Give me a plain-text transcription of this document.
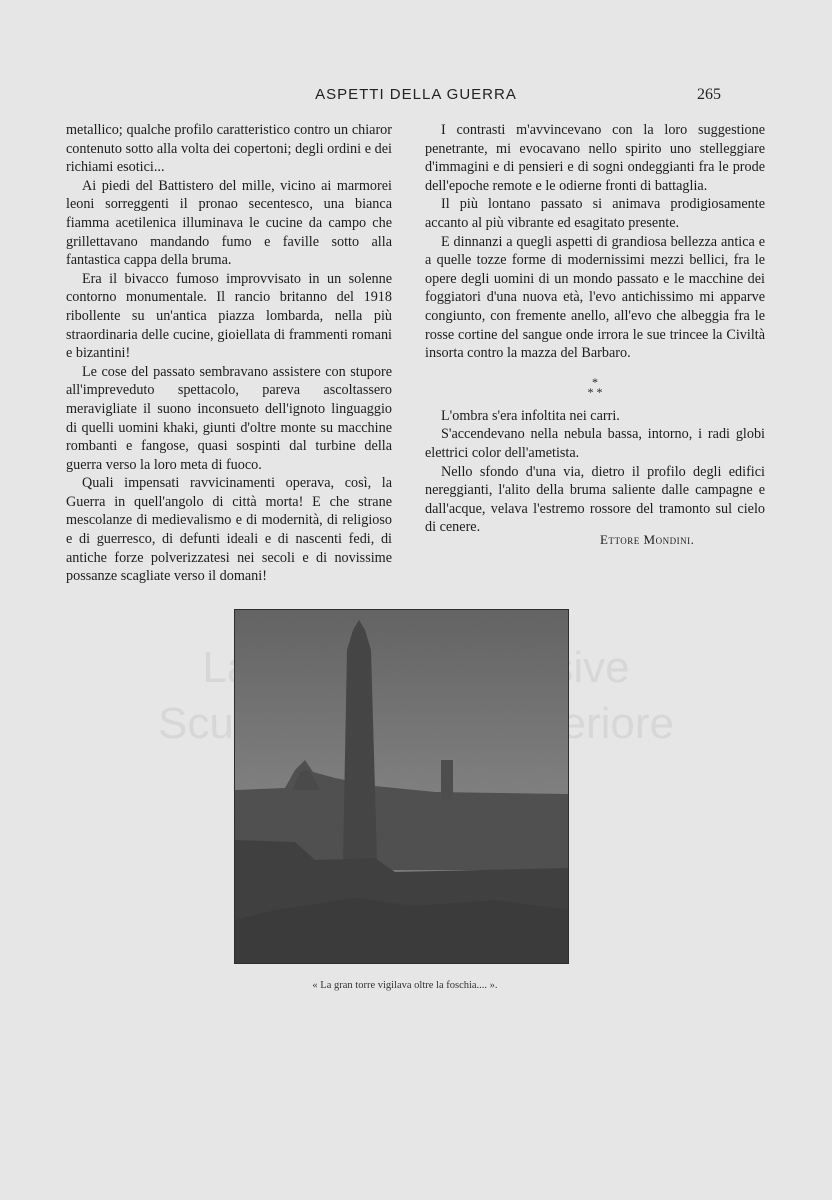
Visive
Scuola Superiore
ASPETTI DELLA GUERRA	265

metallico; qualche profilo caratteristico contro un chiaror contenuto sotto alla volta dei copertoni; degli ordini e dei richiami esotici...

Ai piedi del Battistero del mille, vicino ai marmorei leoni sorreggenti il pronao secentesco, una bianca fiamma acetilenica illuminava le cucine da campo che grillettavano mandando fumo e faville sotto alla fantastica cappa della bruma.

Era il bivacco fumoso improvvisato in un solenne contorno monumentale. Il rancio britanno del 1918 ribollente su un'antica piazza lombarda, nella più straordinaria delle cucine, gioiellata di frammenti romani e bizantini!

Le cose del passato sembravano assistere con stupore all'impreveduto spettacolo, pareva ascoltassero meravigliate il suono inconsueto dell'ignoto linguaggio di quelli uomini khaki, giunti d'oltre monte su macchine rombanti e fangose, quasi sospinti dal turbine della guerra verso la loro meta di fuoco.

Quali impensati ravvicinamenti operava, così, la Guerra in quell'angolo di città morta! E che strane mescolanze di medievalismo e di modernità, di religioso e di guerresco, di defunti ideali e di nascenti fedi, di antiche forze polverizzatesi nei secoli e di novissime possanze scagliate verso il domani!

I contrasti m'avvincevano con la loro suggestione penetrante, mi evocavano nello spirito uno stelleggiare d'immagini e di pensieri e di sogni ondeggianti fra le prode dell'epoche remote e le odierne fronti di battaglia.

Il più lontano passato si animava prodigiosamente accanto al più vibrante ed esagitato presente.

E dinnanzi a quegli aspetti di grandiosa bellezza antica e a quelle tozze forme di modernissimi mezzi bellici, fra le opere degli uomini di un mondo passato e le macchine dei foggiatori d'una nuova età, l'evo antichissimo mi apparve congiunto, con fremente anello, all'evo che albeggia fra le rosse cortine del sangue onde irrora le sue trincee la Civiltà insorta contro la mazza del Barbaro.

*
* *

L'ombra s'era infoltita nei carri.

S'accendevano nella nebula bassa, intorno, i radi globi elettrici color dell'ametista.

Nello sfondo d'una via, dietro il profilo degli edifici nereggianti, l'alito della bruma saliente dalle campagne e dall'acque, velava l'estremo rossore del tramonto sul cielo di cenere.

Ettore Mondini.
« La gran torre vigilava oltre la foschia.... ».
